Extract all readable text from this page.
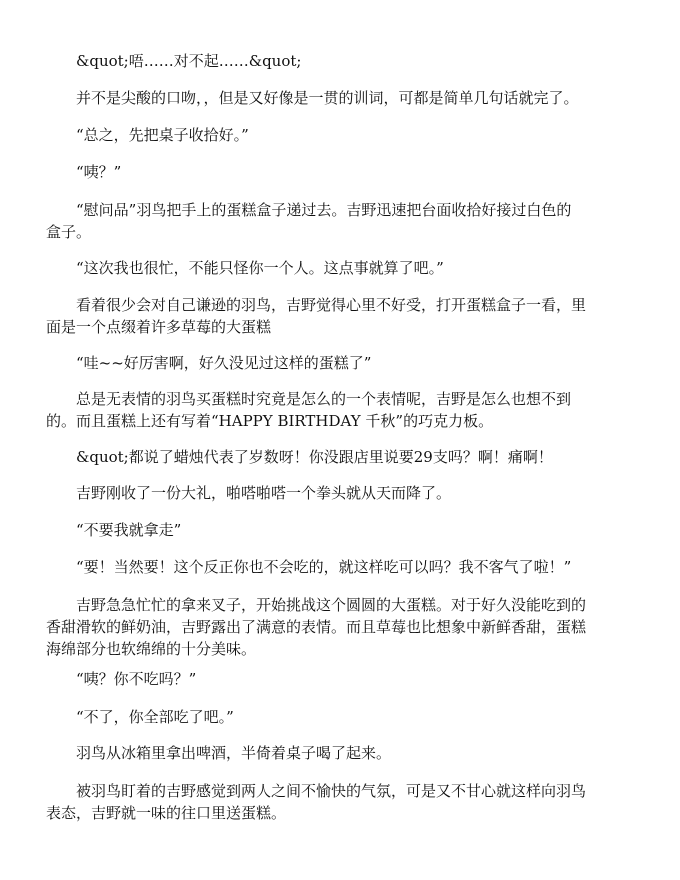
&quot;唔……对不起……&quot;

并不是尖酸的口吻，，但是又好像是一贯的训词，可都是简单几句话就完了。

“总之，先把桌子收拾好。”

“咦？”

“慰问品”羽鸟把手上的蛋糕盒子递过去。吉野迅速把台面收拾好接过白色的
盒子。

“这次我也很忙，不能只怪你一个人。这点事就算了吧。”

看着很少会对自己谦逊的羽鸟，吉野觉得心里不好受，打开蛋糕盒子一看，里
面是一个点缀着许多草莓的大蛋糕

“哇~~好厉害啊，好久没见过这样的蛋糕了”

总是无表情的羽鸟买蛋糕时究竟是怎么的一个表情呢，吉野是怎么也想不到
的。而且蛋糕上还有写着“HAPPY BIRTHDAY 千秋”的巧克力板。

&quot;都说了蜡烛代表了岁数呀！你没跟店里说要29支吗？啊！痛啊！

吉野刚收了一份大礼，啪嗒啪嗒一个拳头就从天而降了。

“不要我就拿走”

“要！当然要！这个反正你也不会吃的，就这样吃可以吗？我不客气了啦！”

吉野急急忙忙的拿来叉子，开始挑战这个圆圆的大蛋糕。对于好久没能吃到的
香甜滑软的鲜奶油，吉野露出了满意的表情。而且草莓也比想象中新鲜香甜，蛋糕
海绵部分也软绵绵的十分美味。

“咦？你不吃吗？”

“不了，你全部吃了吧。”

羽鸟从冰箱里拿出啤酒，半倚着桌子喝了起来。

被羽鸟盯着的吉野感觉到两人之间不愉快的气氛，可是又不甘心就这样向羽鸟
表态，吉野就一味的往口里送蛋糕。
